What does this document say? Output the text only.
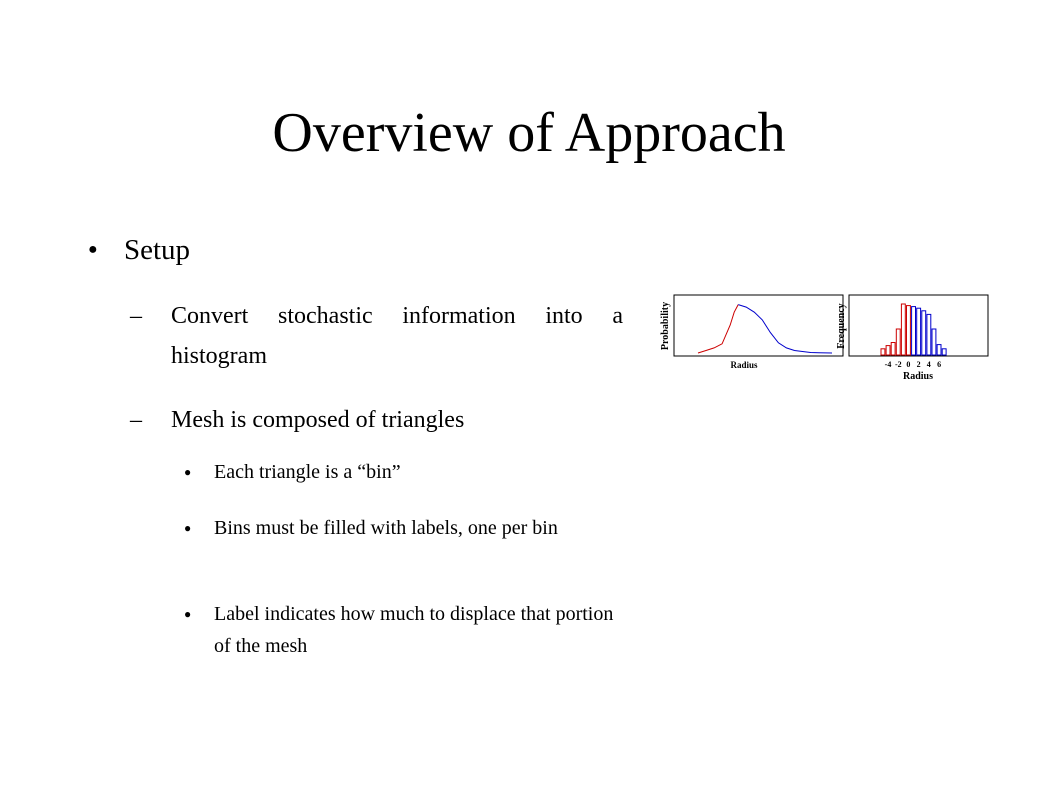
Overview of Approach
● Setup
– Convert stochastic information into a histogram
– Mesh is composed of triangles
● Each triangle is a “bin”
● Bins must be filled with labels, one per bin
● Label indicates how much to displace that portion of the mesh
Probability
Radius
Frequency
-4 -2 0 2 4 6
Radius
